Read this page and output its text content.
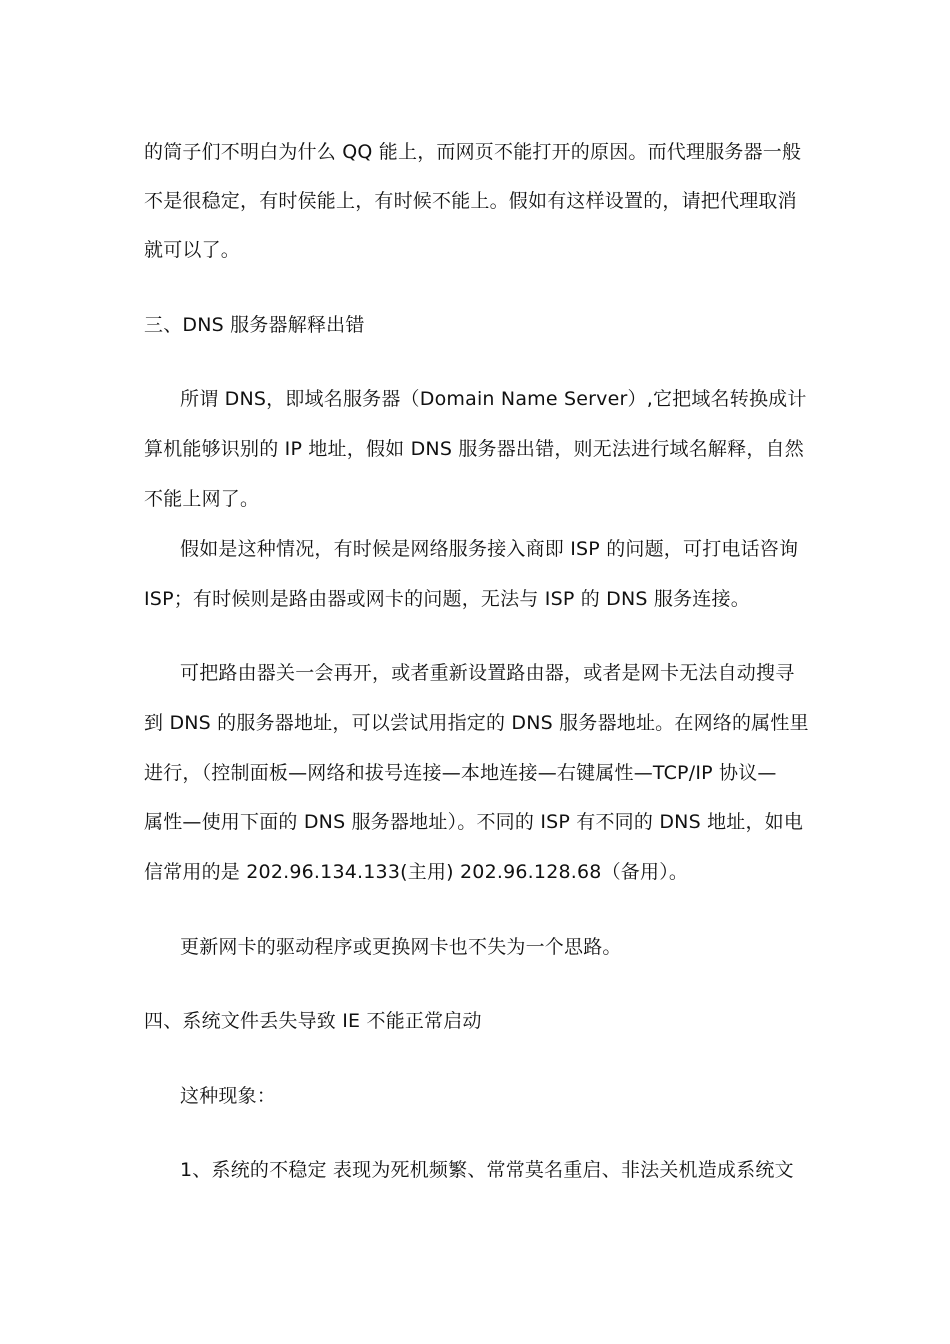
的筒子们不明白为什么 QQ 能上，而网页不能打开的原因。而代理服务器一般
不是很稳定，有时侯能上，有时候不能上。假如有这样设置的，请把代理取消
就可以了。
三、DNS 服务器解释出错
所谓 DNS，即域名服务器（Domain Name Server）,它把域名转换成计
算机能够识别的 IP 地址，假如 DNS 服务器出错，则无法进行域名解释，自然
不能上网了。
假如是这种情况，有时候是网络服务接入商即 ISP 的问题，可打电话咨询
ISP；有时候则是路由器或网卡的问题，无法与 ISP 的 DNS 服务连接。
可把路由器关一会再开，或者重新设置路由器，或者是网卡无法自动搜寻
到 DNS 的服务器地址，可以尝试用指定的 DNS 服务器地址。在网络的属性里
进行，（控制面板—网络和拔号连接—本地连接—右键属性—TCP/IP 协议—
属性—使用下面的 DNS 服务器地址）。不同的 ISP 有不同的 DNS 地址，如电
信常用的是 202.96.134.133(主用) 202.96.128.68（备用）。
更新网卡的驱动程序或更换网卡也不失为一个思路。
四、系统文件丢失导致 IE 不能正常启动
这种现象：
1、系统的不稳定 表现为死机频繁、常常莫名重启、非法关机造成系统文
